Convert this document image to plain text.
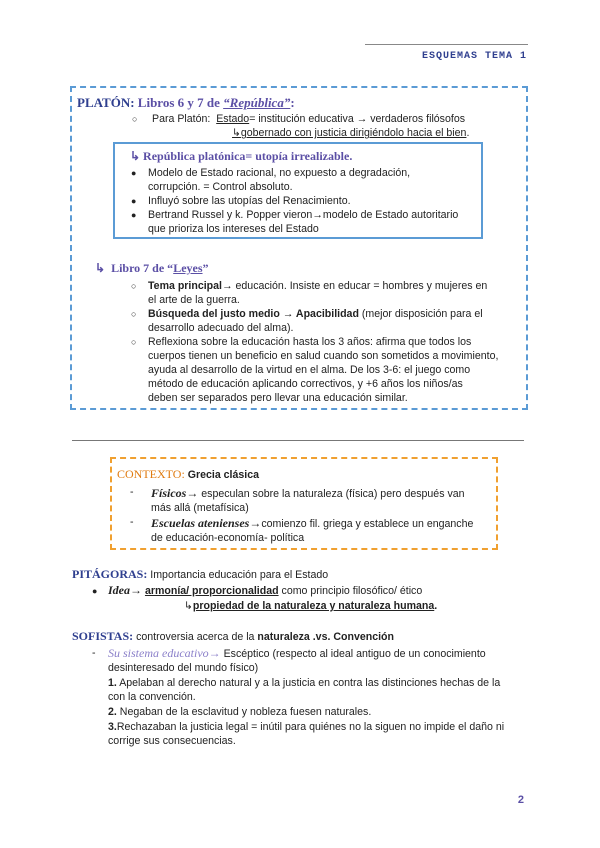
ESQUEMAS TEMA 1
PLATÓN: Libros 6 y 7 de “República”:
○ Para Platón: Estado= institución educativa → verdaderos filósofos
↳gobernado con justicia dirigiéndolo hacia el bien.
↳ República platónica= utopía irrealizable.
● Modelo de Estado racional, no expuesto a degradación,
corrupción. = Control absoluto.
● Influyó sobre las utopías del Renacimiento.
● Bertrand Russel y k. Popper vieron→modelo de Estado autoritario
que prioriza los intereses del Estado
↳ Libro 7 de “Leyes”
○ Tema principal→ educación. Insiste en educar = hombres y mujeres en
el arte de la guerra.
○ Búsqueda del justo medio → Apacibilidad (mejor disposición para el
desarrollo adecuado del alma).
○ Reflexiona sobre la educación hasta los 3 años: afirma que todos los
cuerpos tienen un beneficio en salud cuando son sometidos a movimiento,
ayuda al desarrollo de la virtud en el alma. De los 3-6: el juego como
método de educación aplicando correctivos, y +6 años los niños/as
deben ser separados pero llevar una educación similar.
CONTEXTO: Grecia clásica
- Físicos→ especulan sobre la naturaleza (física) pero después van
más allá (metafísica)
- Escuelas atenienses→comienzo fil. griega y establece un enganche
de educación-economía- política
PITÁGORAS: Importancia educación para el Estado
● Idea→ armonía/ proporcionalidad como principio filosófico/ ético
↳propiedad de la naturaleza y naturaleza humana.
SOFISTAS: controversia acerca de la naturaleza .vs. Convención
- Su sistema educativo→ Escéptico (respecto al ideal antiguo de un conocimiento
desinteresado del mundo físico)
1. Apelaban al derecho natural y a la justicia en contra las distinciones hechas de la
con la convención.
2. Negaban de la esclavitud y nobleza fuesen naturales.
3.Rechazaban la justicia legal = inútil para quiénes no la siguen no impide el daño ni
corrige sus consecuencias.
2
